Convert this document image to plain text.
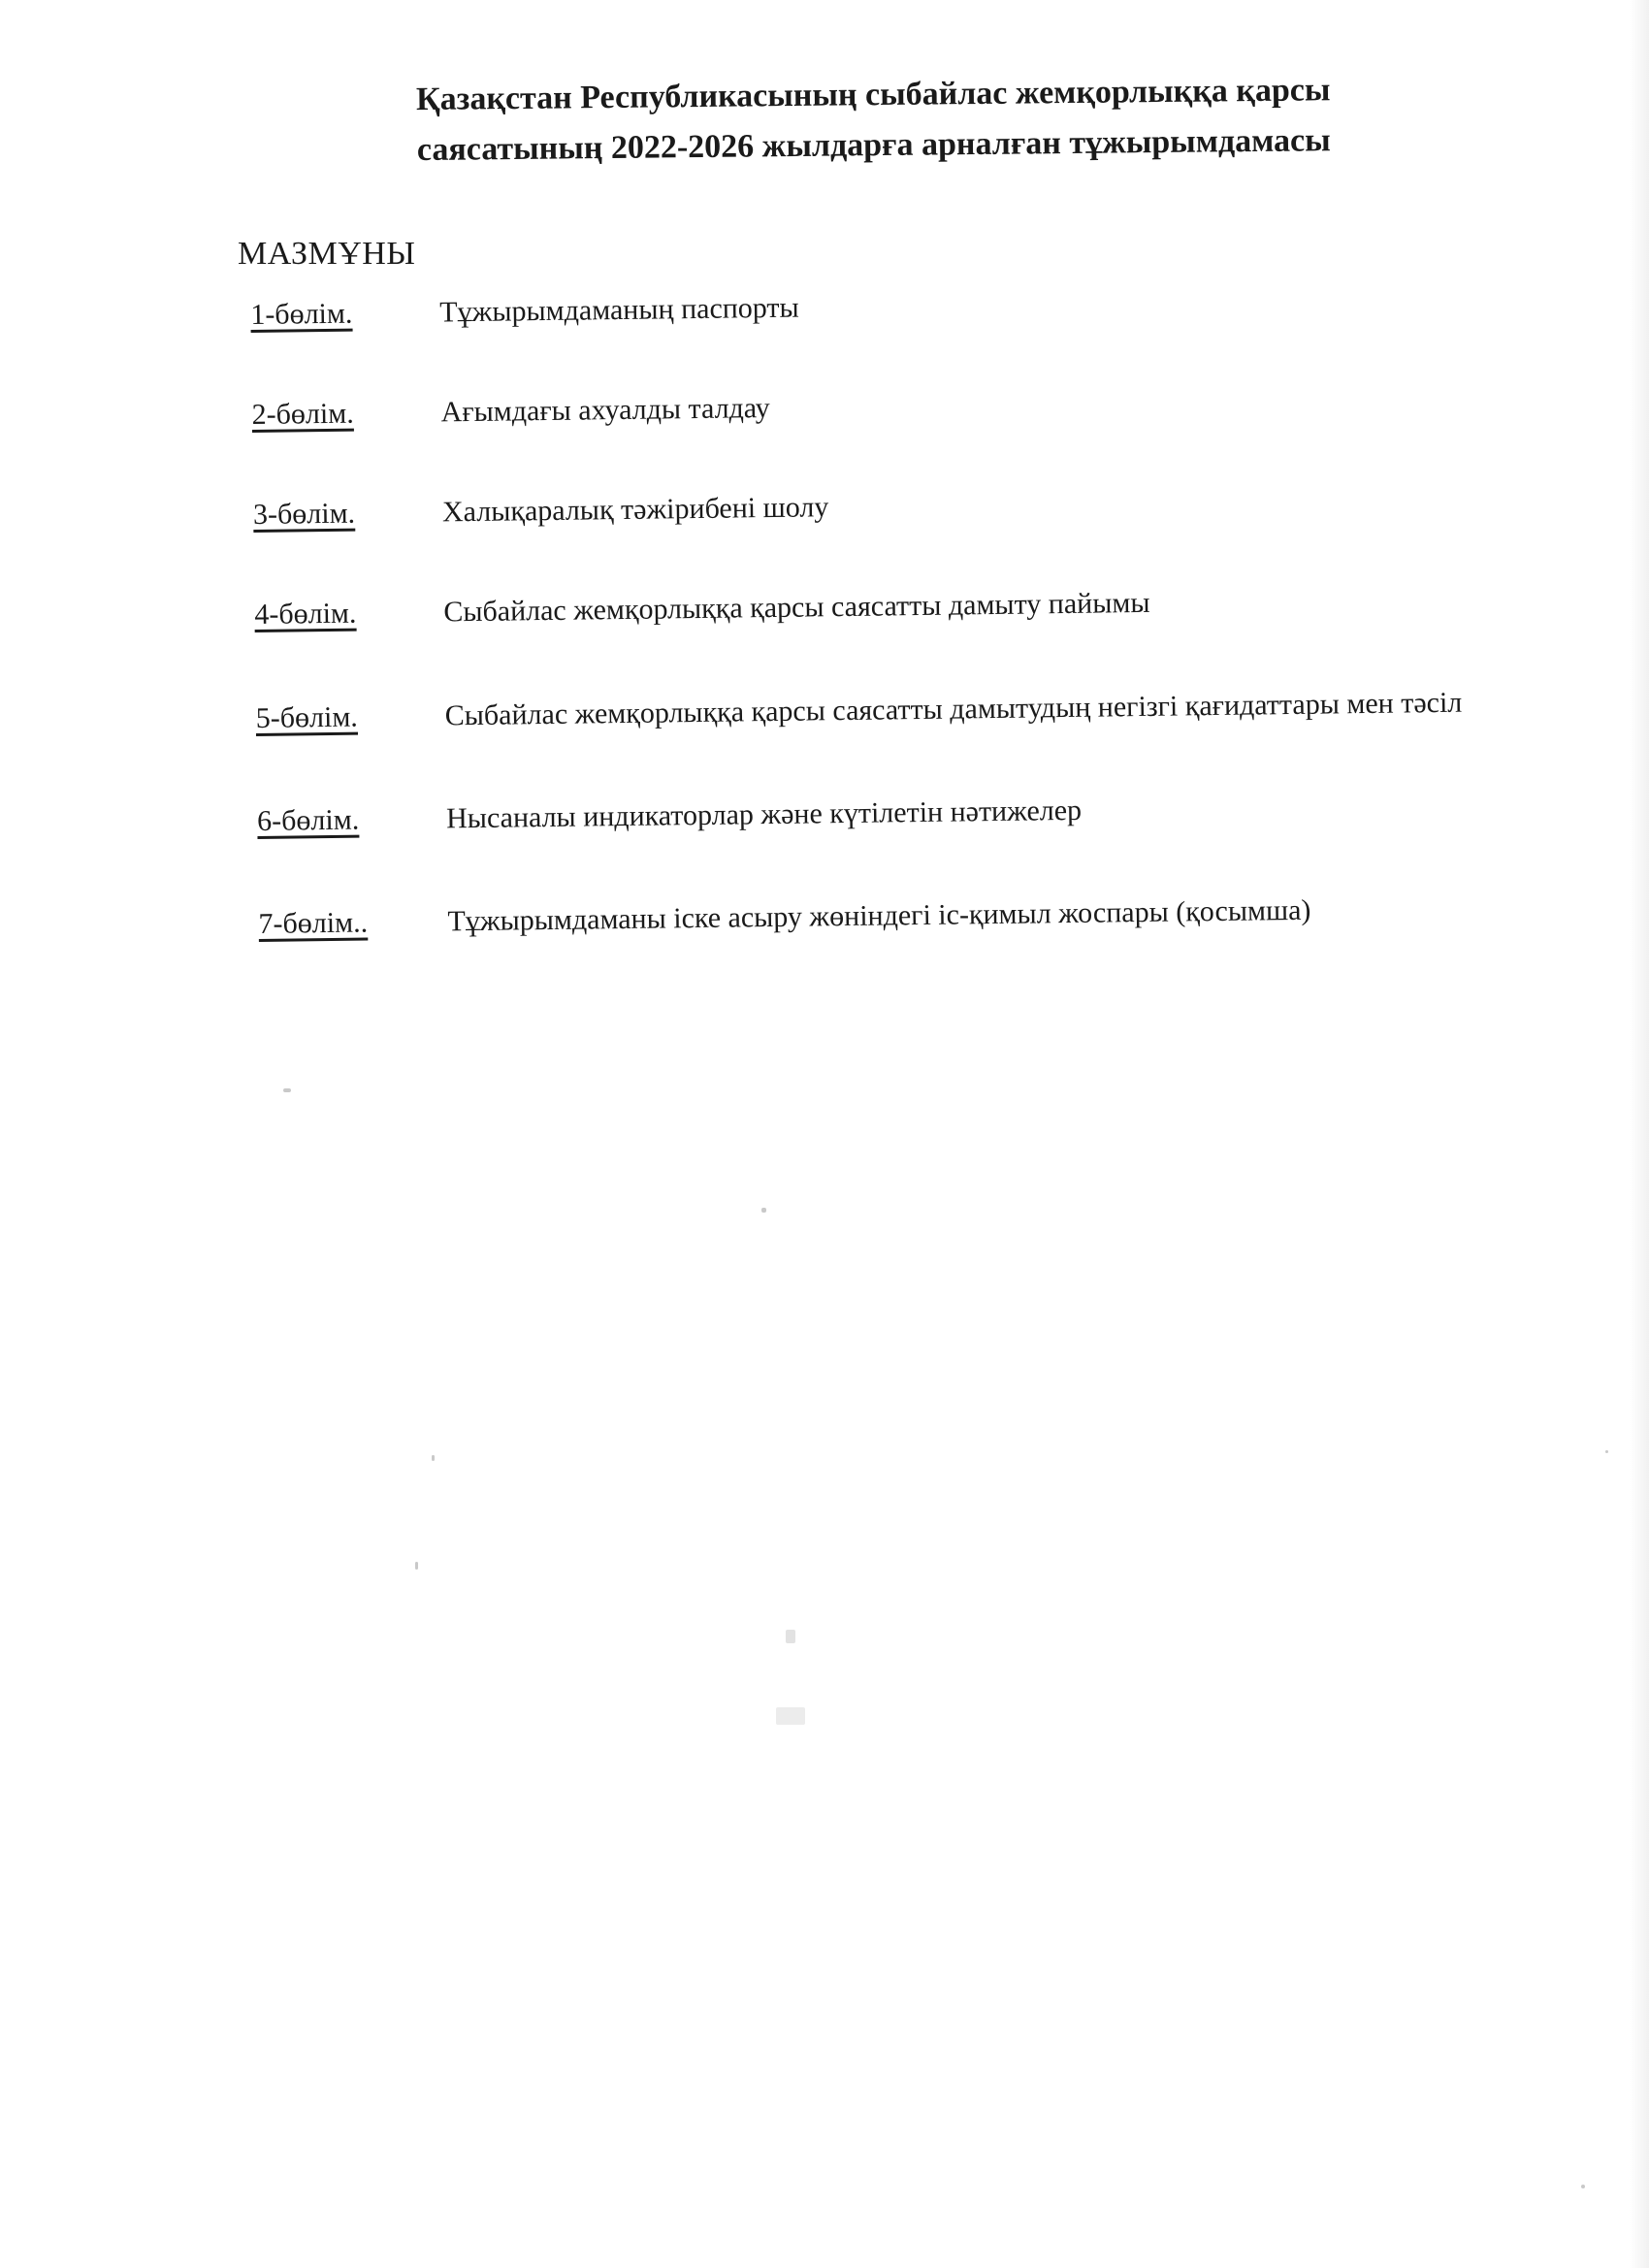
Қазақстан Республикасының сыбайлас жемқорлыққа қарсы
саясатының 2022-2026 жылдарға арналған тұжырымдамасы
МАЗМҰНЫ
1-бөлім.	Тұжырымдаманың паспорты
2-бөлім.	Ағымдағы ахуалды талдау
3-бөлім.	Халықаралық тәжірибені шолу
4-бөлім.	Сыбайлас жемқорлыққа қарсы саясатты дамыту пайымы
5-бөлім.	Сыбайлас жемқорлыққа қарсы саясатты дамытудың негізгі қағидаттары мен тәсіл
6-бөлім.	Нысаналы индикаторлар және күтілетін нәтижелер
7-бөлім..	Тұжырымдаманы іске асыру жөніндегі іс-қимыл жоспары (қосымша)
